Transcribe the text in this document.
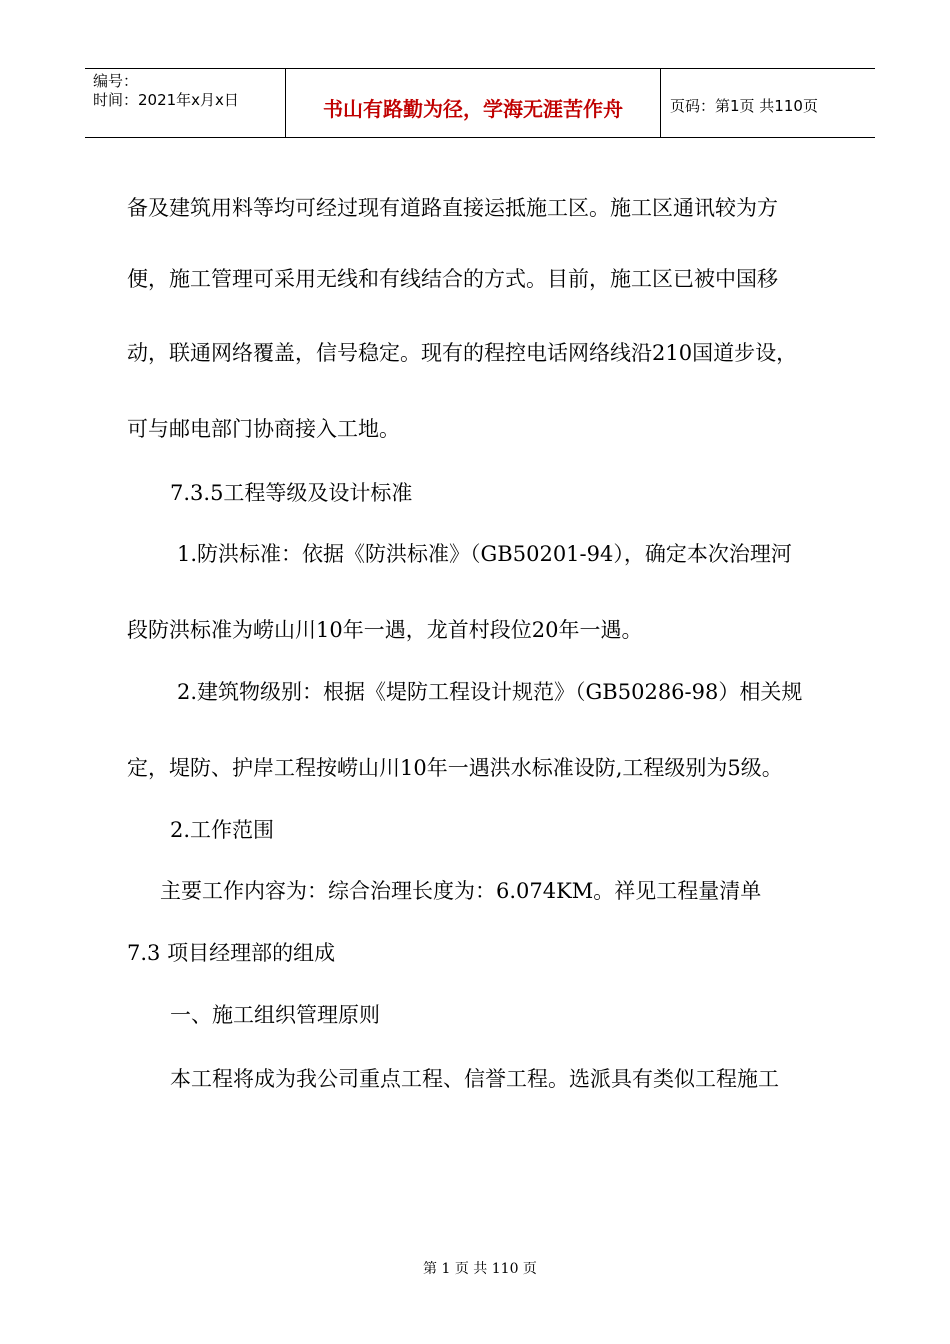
编号：
时间：2021年x月x日	书山有路勤为径，学海无涯苦作舟	页码：第1页 共110页
备及建筑用料等均可经过现有道路直接运抵施工区。施工区通讯较为方
便，施工管理可采用无线和有线结合的方式。目前，施工区已被中国移
动，联通网络覆盖，信号稳定。现有的程控电话网络线沿210国道步设，
可与邮电部门协商接入工地。
7.3.5工程等级及设计标准
1.防洪标准：依据《防洪标准》（GB50201-94），确定本次治理河
段防洪标准为崂山川10年一遇，龙首村段位20年一遇。
2.建筑物级别：根据《堤防工程设计规范》（GB50286-98）相关规
定，堤防、护岸工程按崂山川10年一遇洪水标准设防,工程级别为5级。
2.工作范围
主要工作内容为：综合治理长度为：6.074KM。祥见工程量清单
7.3 项目经理部的组成
一、施工组织管理原则
本工程将成为我公司重点工程、信誉工程。选派具有类似工程施工
第 1 页 共 110 页
